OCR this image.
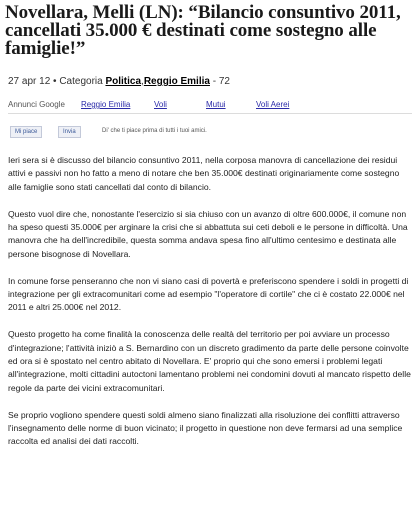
Novellara, Melli (LN): “Bilancio consuntivo 2011, cancellati 35.000 € destinati come sostegno alle famiglie!”
27 apr 12 • Categoria Politica,Reggio Emilia - 72
Annunci Google Reggio Emilia	Voli	Mutui	Voli Aerei
Mi piace	Invia	Di' che ti piace prima di tutti i tuoi amici.

Ieri sera si è discusso del bilancio consuntivo 2011, nella corposa manovra di cancellazione dei residui attivi e passivi non ho fatto a meno di notare che ben 35.000€ destinati originariamente come sostegno alle famiglie sono stati cancellati dal conto di bilancio.

Questo vuol dire che, nonostante l'esercizio si sia chiuso con un avanzo di oltre 600.000€, il comune non ha speso questi 35.000€ per arginare la crisi che si abbattuta sui ceti deboli e le persone in difficoltà. Una manovra che ha dell'incredibile, questa somma andava spesa fino all'ultimo centesimo e destinata alle persone bisognose di Novellara.

In comune forse penseranno che non vi siano casi di povertà e preferiscono spendere i soldi in progetti di integrazione per gli extracomunitari come ad esempio "l'operatore di cortile" che ci è costato 22.000€ nel 2011 e altri 25.000€ nel 2012.

Questo progetto ha come finalità la conoscenza delle realtà del territorio per poi avviare un processo d'integrazione; l'attività iniziò a S. Bernardino con un discreto gradimento da parte delle persone coinvolte ed ora si è spostato nel centro abitato di Novellara. E' proprio qui che sono emersi i problemi legati all'integrazione, molti cittadini autoctoni lamentano problemi nei condomini dovuti al mancato rispetto delle regole da parte dei vicini extracomunitari.

Se proprio vogliono spendere questi soldi almeno siano finalizzati alla risoluzione dei conflitti attraverso l'insegnamento delle norme di buon vicinato; il progetto in questione non deve fermarsi ad una semplice raccolta ed analisi dei dati raccolti.
